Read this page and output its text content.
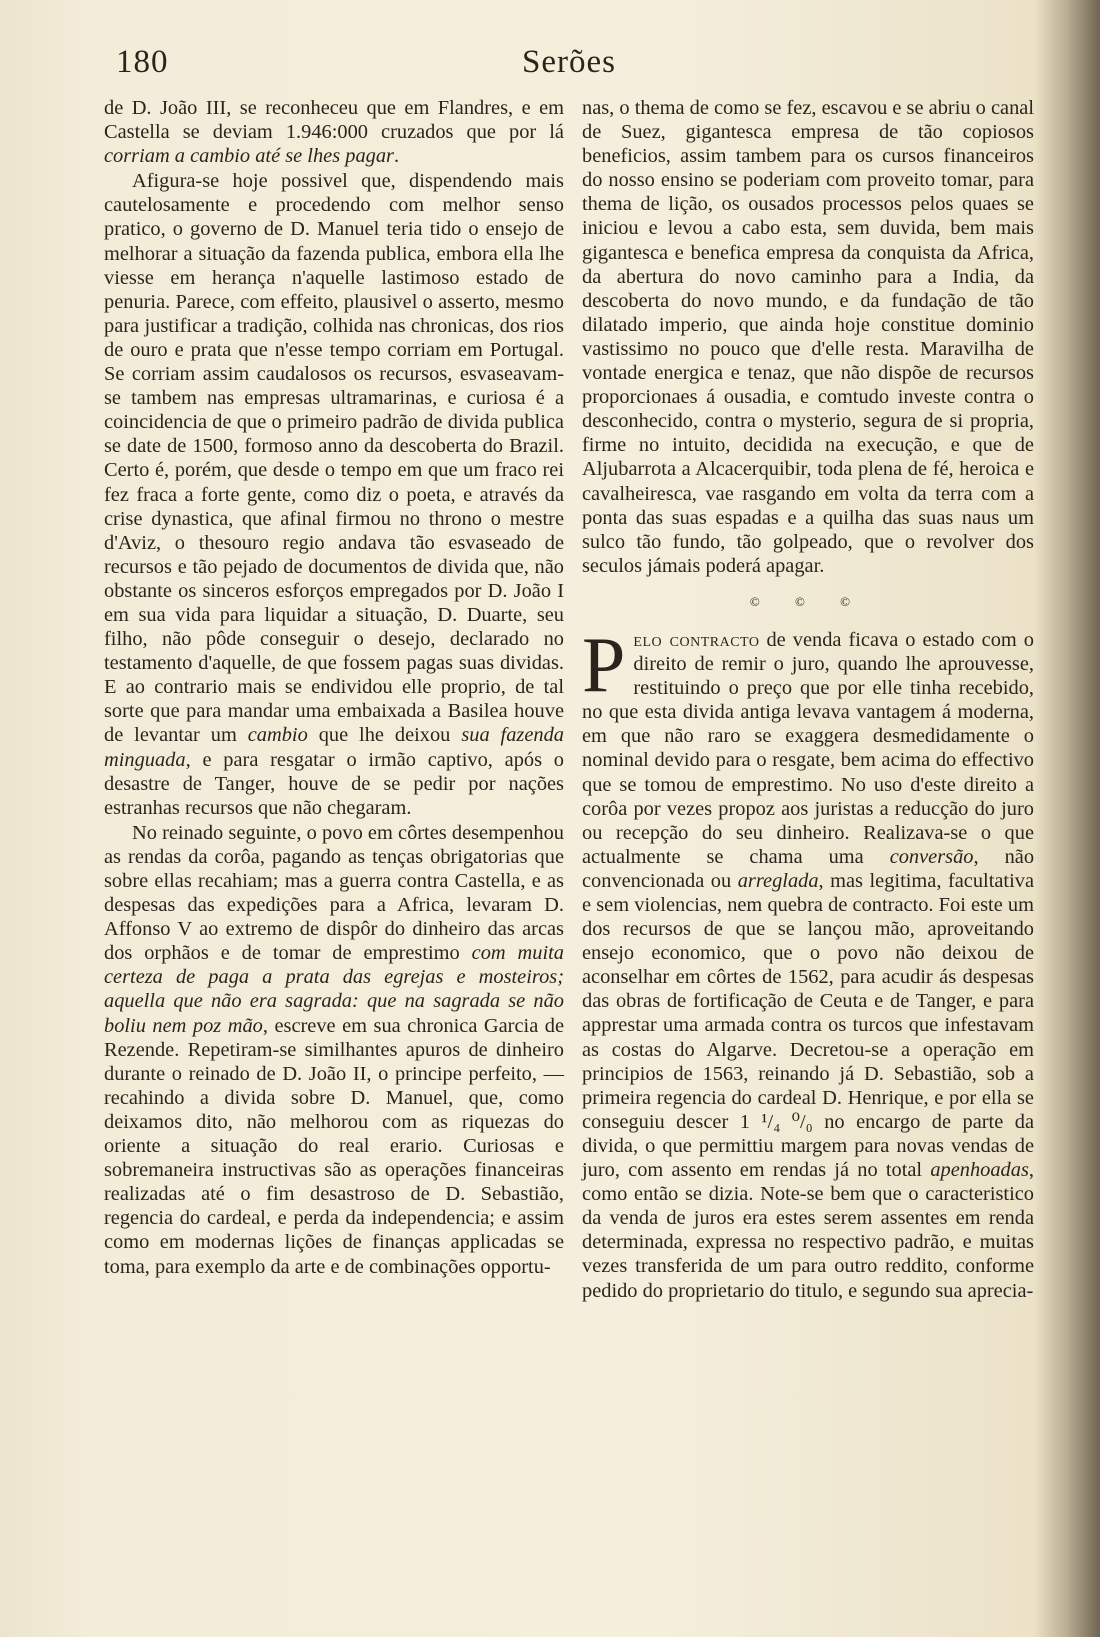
180	Serões

de D. João III, se reconheceu que em Flandres, e em Castella se deviam 1.946:000 cruzados que por lá corriam a cambio até se lhes pagar.

Afigura-se hoje possivel que, dispendendo mais cautelosamente e procedendo com melhor senso pratico, o governo de D. Manuel teria tido o ensejo de melhorar a situação da fazenda publica, embora ella lhe viesse em herança n'aquelle lastimoso estado de penuria. Parece, com effeito, plausivel o asserto, mesmo para justificar a tradição, colhida nas chronicas, dos rios de ouro e prata que n'esse tempo corriam em Portugal. Se corriam assim caudalosos os recursos, esvaseavam-se tambem nas empresas ultramarinas, e curiosa é a coincidencia de que o primeiro padrão de divida publica se date de 1500, formoso anno da descoberta do Brazil. Certo é, porém, que desde o tempo em que um fraco rei fez fraca a forte gente, como diz o poeta, e através da crise dynastica, que afinal firmou no throno o mestre d'Aviz, o thesouro regio andava tão esvaseado de recursos e tão pejado de documentos de divida que, não obstante os sinceros esforços empregados por D. João I em sua vida para liquidar a situação, D. Duarte, seu filho, não pôde conseguir o desejo, declarado no testamento d'aquelle, de que fossem pagas suas dividas. E ao contrario mais se endividou elle proprio, de tal sorte que para mandar uma embaixada a Basilea houve de levantar um cambio que lhe deixou sua fazenda minguada, e para resgatar o irmão captivo, após o desastre de Tanger, houve de se pedir por nações estranhas recursos que não chegaram.

No reinado seguinte, o povo em côrtes desempenhou as rendas da corôa, pagando as tenças obrigatorias que sobre ellas recahiam; mas a guerra contra Castella, e as despesas das expedições para a Africa, levaram D. Affonso V ao extremo de dispôr do dinheiro das arcas dos orphãos e de tomar de emprestimo com muita certeza de paga a prata das egrejas e mosteiros; aquella que não era sagrada: que na sagrada se não boliu nem poz mão, escreve em sua chronica Garcia de Rezende. Repetiram-se similhantes apuros de dinheiro durante o reinado de D. João II, o principe perfeito, — recahindo a divida sobre D. Manuel, que, como deixamos dito, não melhorou com as riquezas do oriente a situação do real erario. Curiosas e sobremaneira instructivas são as operações financeiras realizadas até o fim desastroso de D. Sebastião, regencia do cardeal, e perda da independencia; e assim como em modernas lições de finanças applicadas se toma, para exemplo da arte e de combinações opportu-

nas, o thema de como se fez, escavou e se abriu o canal de Suez, gigantesca empresa de tão copiosos beneficios, assim tambem para os cursos financeiros do nosso ensino se poderiam com proveito tomar, para thema de lição, os ousados processos pelos quaes se iniciou e levou a cabo esta, sem duvida, bem mais gigantesca e benefica empresa da conquista da Africa, da abertura do novo caminho para a India, da descoberta do novo mundo, e da fundação de tão dilatado imperio, que ainda hoje constitue dominio vastissimo no pouco que d'elle resta. Maravilha de vontade energica e tenaz, que não dispõe de recursos proporcionaes á ousadia, e comtudo investe contra o desconhecido, contra o mysterio, segura de si propria, firme no intuito, decidida na execução, e que de Aljubarrota a Alcacerquibir, toda plena de fé, heroica e cavalheiresca, vae rasgando em volta da terra com a ponta das suas espadas e a quilha das suas naus um sulco tão fundo, tão golpeado, que o revolver dos seculos jámais poderá apagar.

© © ©

Pelo contracto de venda ficava o estado com o direito de remir o juro, quando lhe aprouvesse, restituindo o preço que por elle tinha recebido, no que esta divida antiga levava vantagem á moderna, em que não raro se exaggera desmedidamente o nominal devido para o resgate, bem acima do effectivo que se tomou de emprestimo. No uso d'este direito a corôa por vezes propoz aos juristas a reducção do juro ou recepção do seu dinheiro. Realizava-se o que actualmente se chama uma conversão, não convencionada ou arreglada, mas legitima, facultativa e sem violencias, nem quebra de contracto. Foi este um dos recursos de que se lançou mão, aproveitando ensejo economico, que o povo não deixou de aconselhar em côrtes de 1562, para acudir ás despesas das obras de fortificação de Ceuta e de Tanger, e para apprestar uma armada contra os turcos que infestavam as costas do Algarve. Decretou-se a operação em principios de 1563, reinando já D. Sebastião, sob a primeira regencia do cardeal D. Henrique, e por ella se conseguiu descer 1 ¹/₄ ⁰/₀ no encargo de parte da divida, o que permittiu margem para novas vendas de juro, com assento em rendas já no total apenhoadas, como então se dizia. Note-se bem que o caracteristico da venda de juros era estes serem assentes em renda determinada, expressa no respectivo padrão, e muitas vezes transferida de um para outro reddito, conforme pedido do proprietario do titulo, e segundo sua aprecia-
